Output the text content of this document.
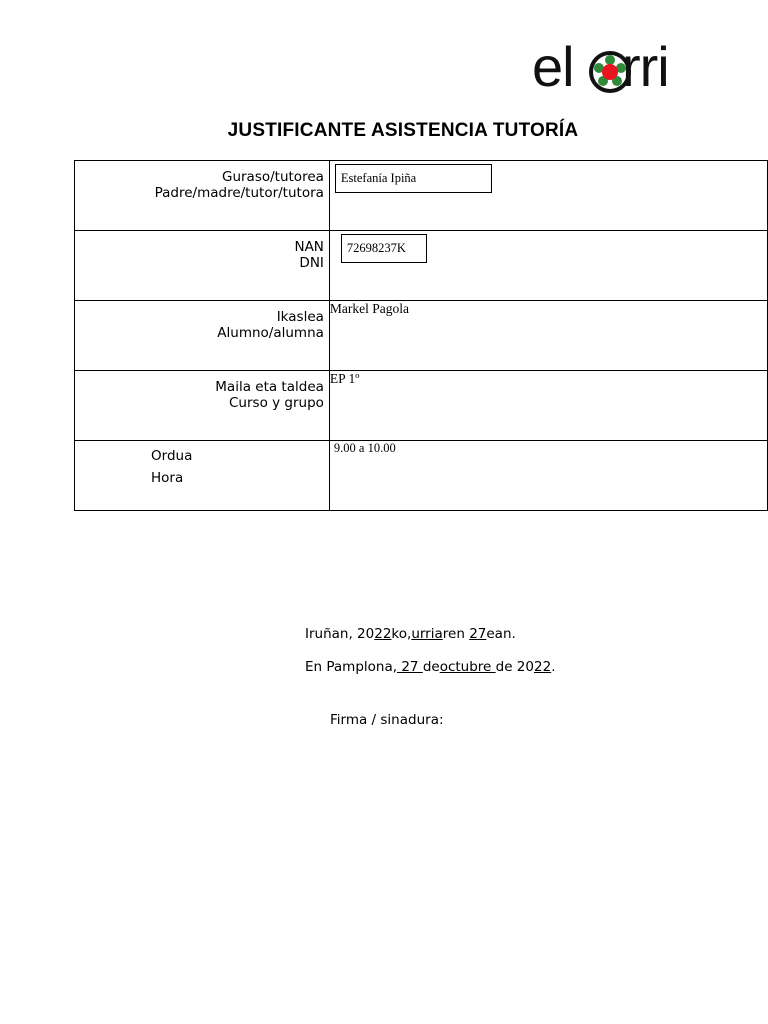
el rri
JUSTIFICANTE ASISTENCIA TUTORÍA
Guraso/tutorea
Padre/madre/tutor/tutora	Estefanía Ipiña

NAN
DNI	72698237K

Ikaslea
Alumno/alumna	Markel Pagola

Maila eta taldea
Curso y grupo	EP 1º

Ordua
Hora	9.00 a 10.00
Iruñan, 2022ko,urriaren 27ean.
En Pamplona, 27 deoctubre de 2022.
Firma / sinadura:
